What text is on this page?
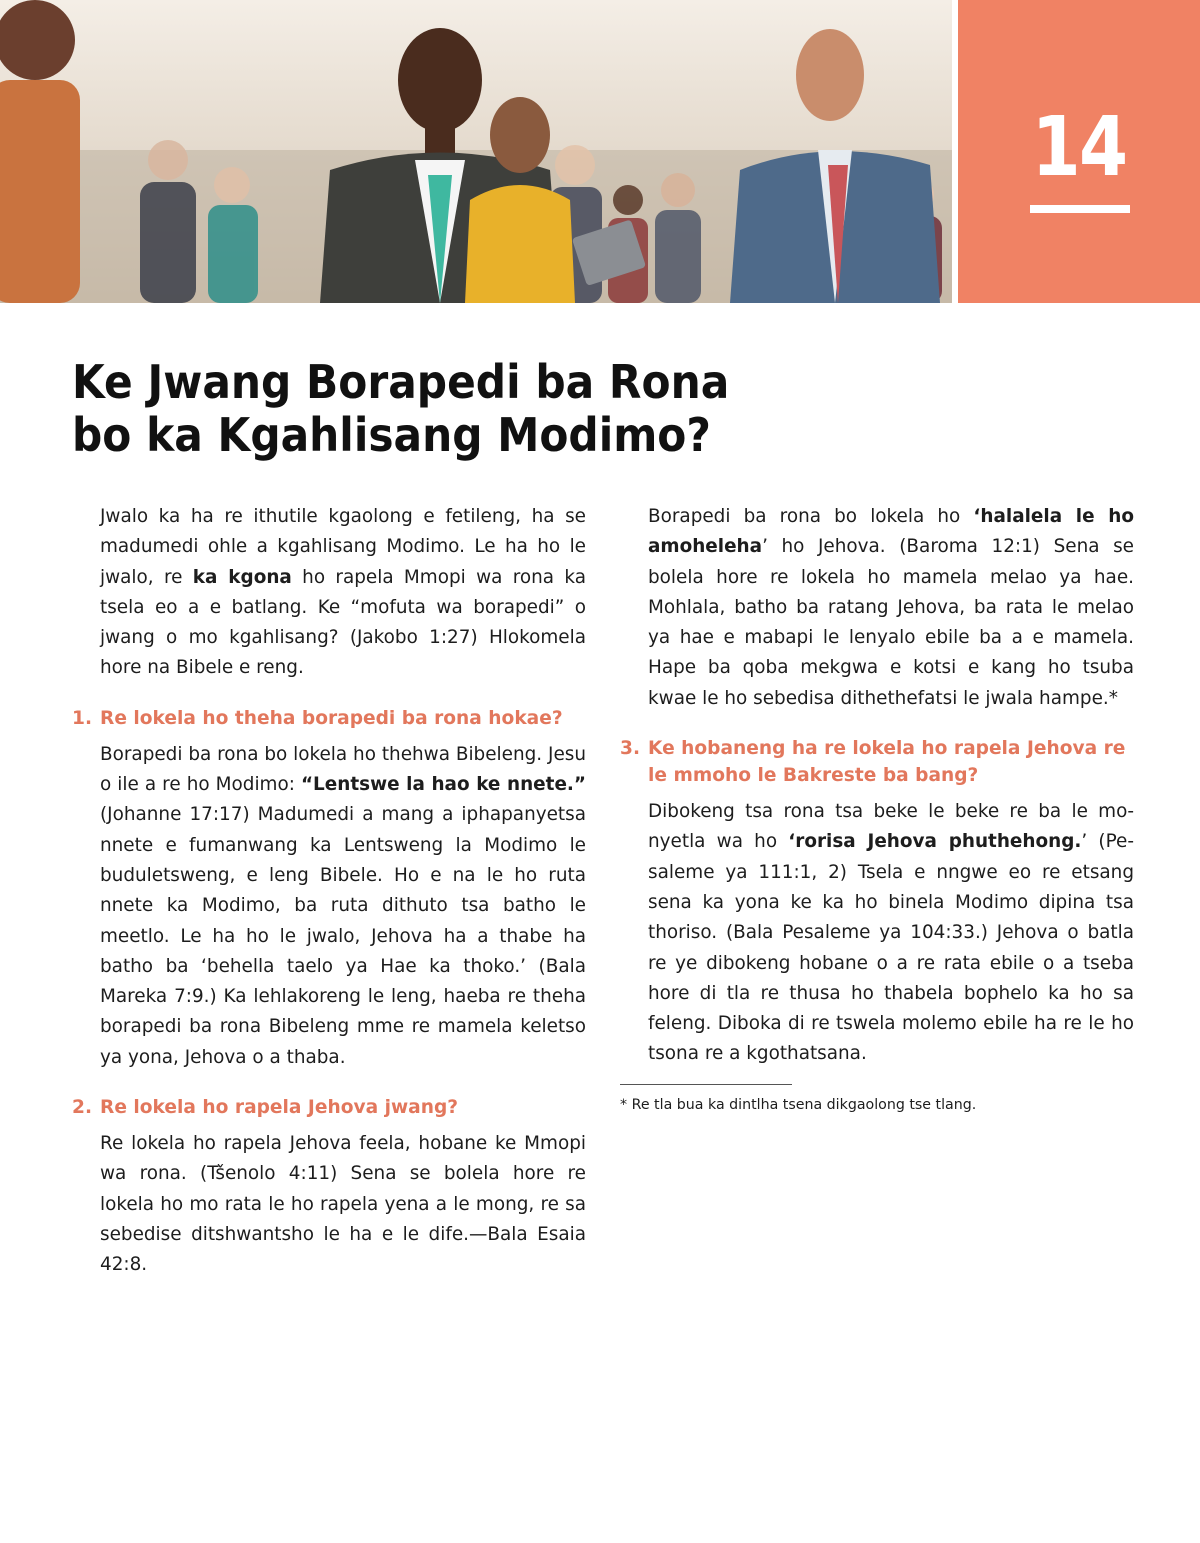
14
Ke Jwang Borapedi ba Rona
bo ka Kgahlisang Modimo?

Jwalo ka ha re ithutile kgaolong e fetileng, ha se madumedi ohle a kgahlisang Modimo. Le ha ho le jwalo, re ka kgona ho rapela Mmopi wa rona ka tsela eo a e batlang. Ke “mofuta wa borapedi” o jwang o mo kgahlisang? (Jakobo 1:27) Hlokomela hore na Bibele e reng.

1. Re lokela ho theha borapedi ba rona hokae?

Borapedi ba rona bo lokela ho thehwa Bibeleng. Jesu o ile a re ho Modimo: “Lentswe la hao ke nnete.” (Johanne 17:17) Madumedi a mang a iphapanyetsa nnete e fumanwang ka Lentsweng la Modimo le buduletsweng, e leng Bibele. Ho e na le ho ruta nnete ka Modimo, ba ruta dithuto tsa batho le meetlo. Le ha ho le jwalo, Jehova ha a thabe ha batho ba ‘behella taelo ya Hae ka thoko.’ (Bala Mareka 7:9.) Ka lehlakoreng le leng, haeba re theha borapedi ba rona Bibeleng mme re mamela keletso ya yona, Jehova o a thaba.

2. Re lokela ho rapela Jehova jwang?

Re lokela ho rapela Jehova feela, hobane ke Mmopi wa rona. (Tšenolo 4:11) Sena se bolela hore re lokela ho mo rata le ho rapela yena a le mong, re sa sebedise ditshwantsho le ha e le dife.—Bala Esaia 42:8.

Borapedi ba rona bo lokela ho ‘halalela le ho amoheleha’ ho Jehova. (Baroma 12:1) Sena se bolela hore re lokela ho mamela melao ya hae. Mohlala, batho ba ratang Jehova, ba rata le melao ya hae e mabapi le lenyalo ebile ba a e mamela. Hape ba qoba mekgwa e kotsi e kang ho tsuba kwae le ho sebedisa dithethefatsi le jwala hampe.*

3. Ke hobaneng ha re lokela ho rapela Jehova re le mmoho le Bakreste ba bang?

Dibokeng tsa rona tsa beke le beke re ba le monyetla wa ho ‘rorisa Jehova phuthehong.’ (Pesaleme ya 111:1, 2) Tsela e nngwe eo re etsang sena ka yona ke ka ho binela Modimo dipina tsa thoriso. (Bala Pesaleme ya 104:33.) Jehova o batla re ye dibokeng hobane o a re rata ebile o a tseba hore di tla re thusa ho thabela bophelo ka ho sa feleng. Diboka di re tswela molemo ebile ha re le ho tsona re a kgothatsana.

* Re tla bua ka dintlha tsena dikgaolong tse tlang.
